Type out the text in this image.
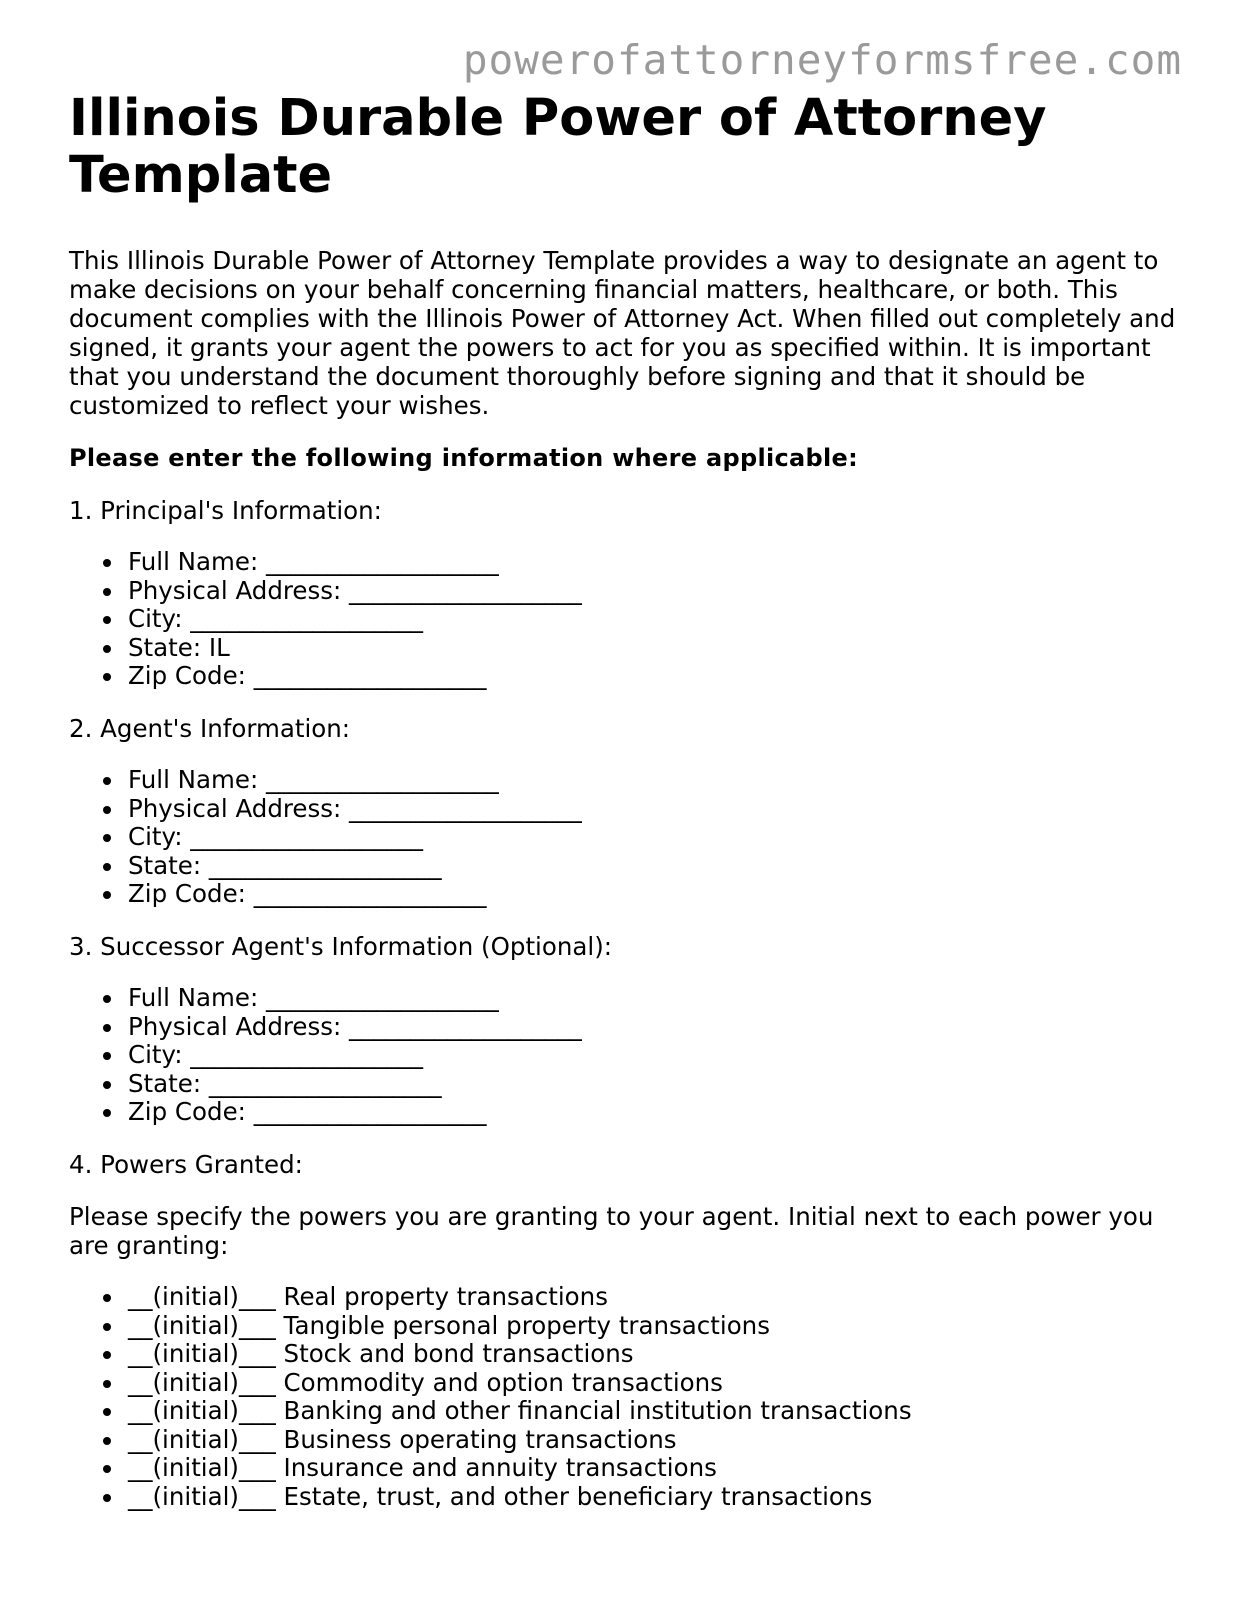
powerofattorneyformsfree.com
Illinois Durable Power of Attorney Template

This Illinois Durable Power of Attorney Template provides a way to designate an agent to make decisions on your behalf concerning financial matters, healthcare, or both. This document complies with the Illinois Power of Attorney Act. When filled out completely and signed, it grants your agent the powers to act for you as specified within. It is important that you understand the document thoroughly before signing and that it should be customized to reflect your wishes.

Please enter the following information where applicable:

1. Principal's Information:
Full Name: ___________________
Physical Address: ___________________
City: ___________________
State: IL
Zip Code: ___________________
2. Agent's Information:
Full Name: ___________________
Physical Address: ___________________
City: ___________________
State: ___________________
Zip Code: ___________________
3. Successor Agent's Information (Optional):
Full Name: ___________________
Physical Address: ___________________
City: ___________________
State: ___________________
Zip Code: ___________________
4. Powers Granted:

Please specify the powers you are granting to your agent. Initial next to each power you are granting:

__(initial)___ Real property transactions
__(initial)___ Tangible personal property transactions
__(initial)___ Stock and bond transactions
__(initial)___ Commodity and option transactions
__(initial)___ Banking and other financial institution transactions
__(initial)___ Business operating transactions
__(initial)___ Insurance and annuity transactions
__(initial)___ Estate, trust, and other beneficiary transactions
